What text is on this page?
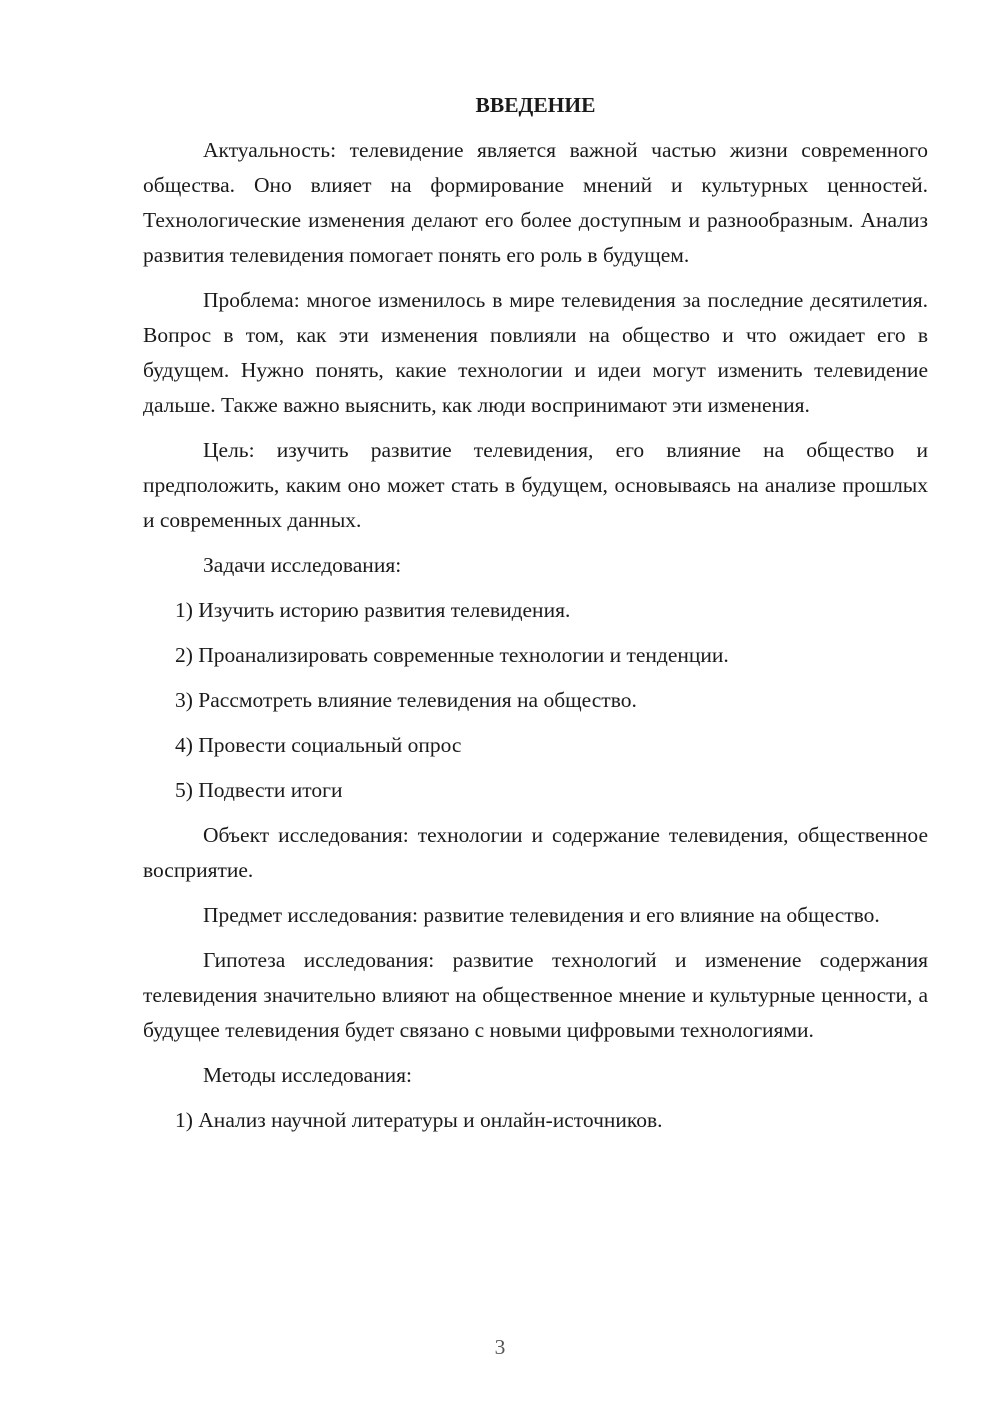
ВВЕДЕНИЕ
Актуальность: телевидение является важной частью жизни современного общества. Оно влияет на формирование мнений и культурных ценностей. Технологические изменения делают его более доступным и разнообразным. Анализ развития телевидения помогает понять его роль в будущем.
Проблема: многое изменилось в мире телевидения за последние десятилетия. Вопрос в том, как эти изменения повлияли на общество и что ожидает его в будущем. Нужно понять, какие технологии и идеи могут изменить телевидение дальше. Также важно выяснить, как люди воспринимают эти изменения.
Цель: изучить развитие телевидения, его влияние на общество и предположить, каким оно может стать в будущем, основываясь на анализе прошлых и современных данных.
Задачи исследования:
1) Изучить историю развития телевидения.
2) Проанализировать современные технологии и тенденции.
3) Рассмотреть влияние телевидения на общество.
4) Провести социальный опрос
5) Подвести итоги
Объект исследования: технологии и содержание телевидения, общественное восприятие.
Предмет исследования: развитие телевидения и его влияние на общество.
Гипотеза исследования: развитие технологий и изменение содержания телевидения значительно влияют на общественное мнение и культурные ценности, а будущее телевидения будет связано с новыми цифровыми технологиями.
Методы исследования:
1) Анализ научной литературы и онлайн-источников.
3
